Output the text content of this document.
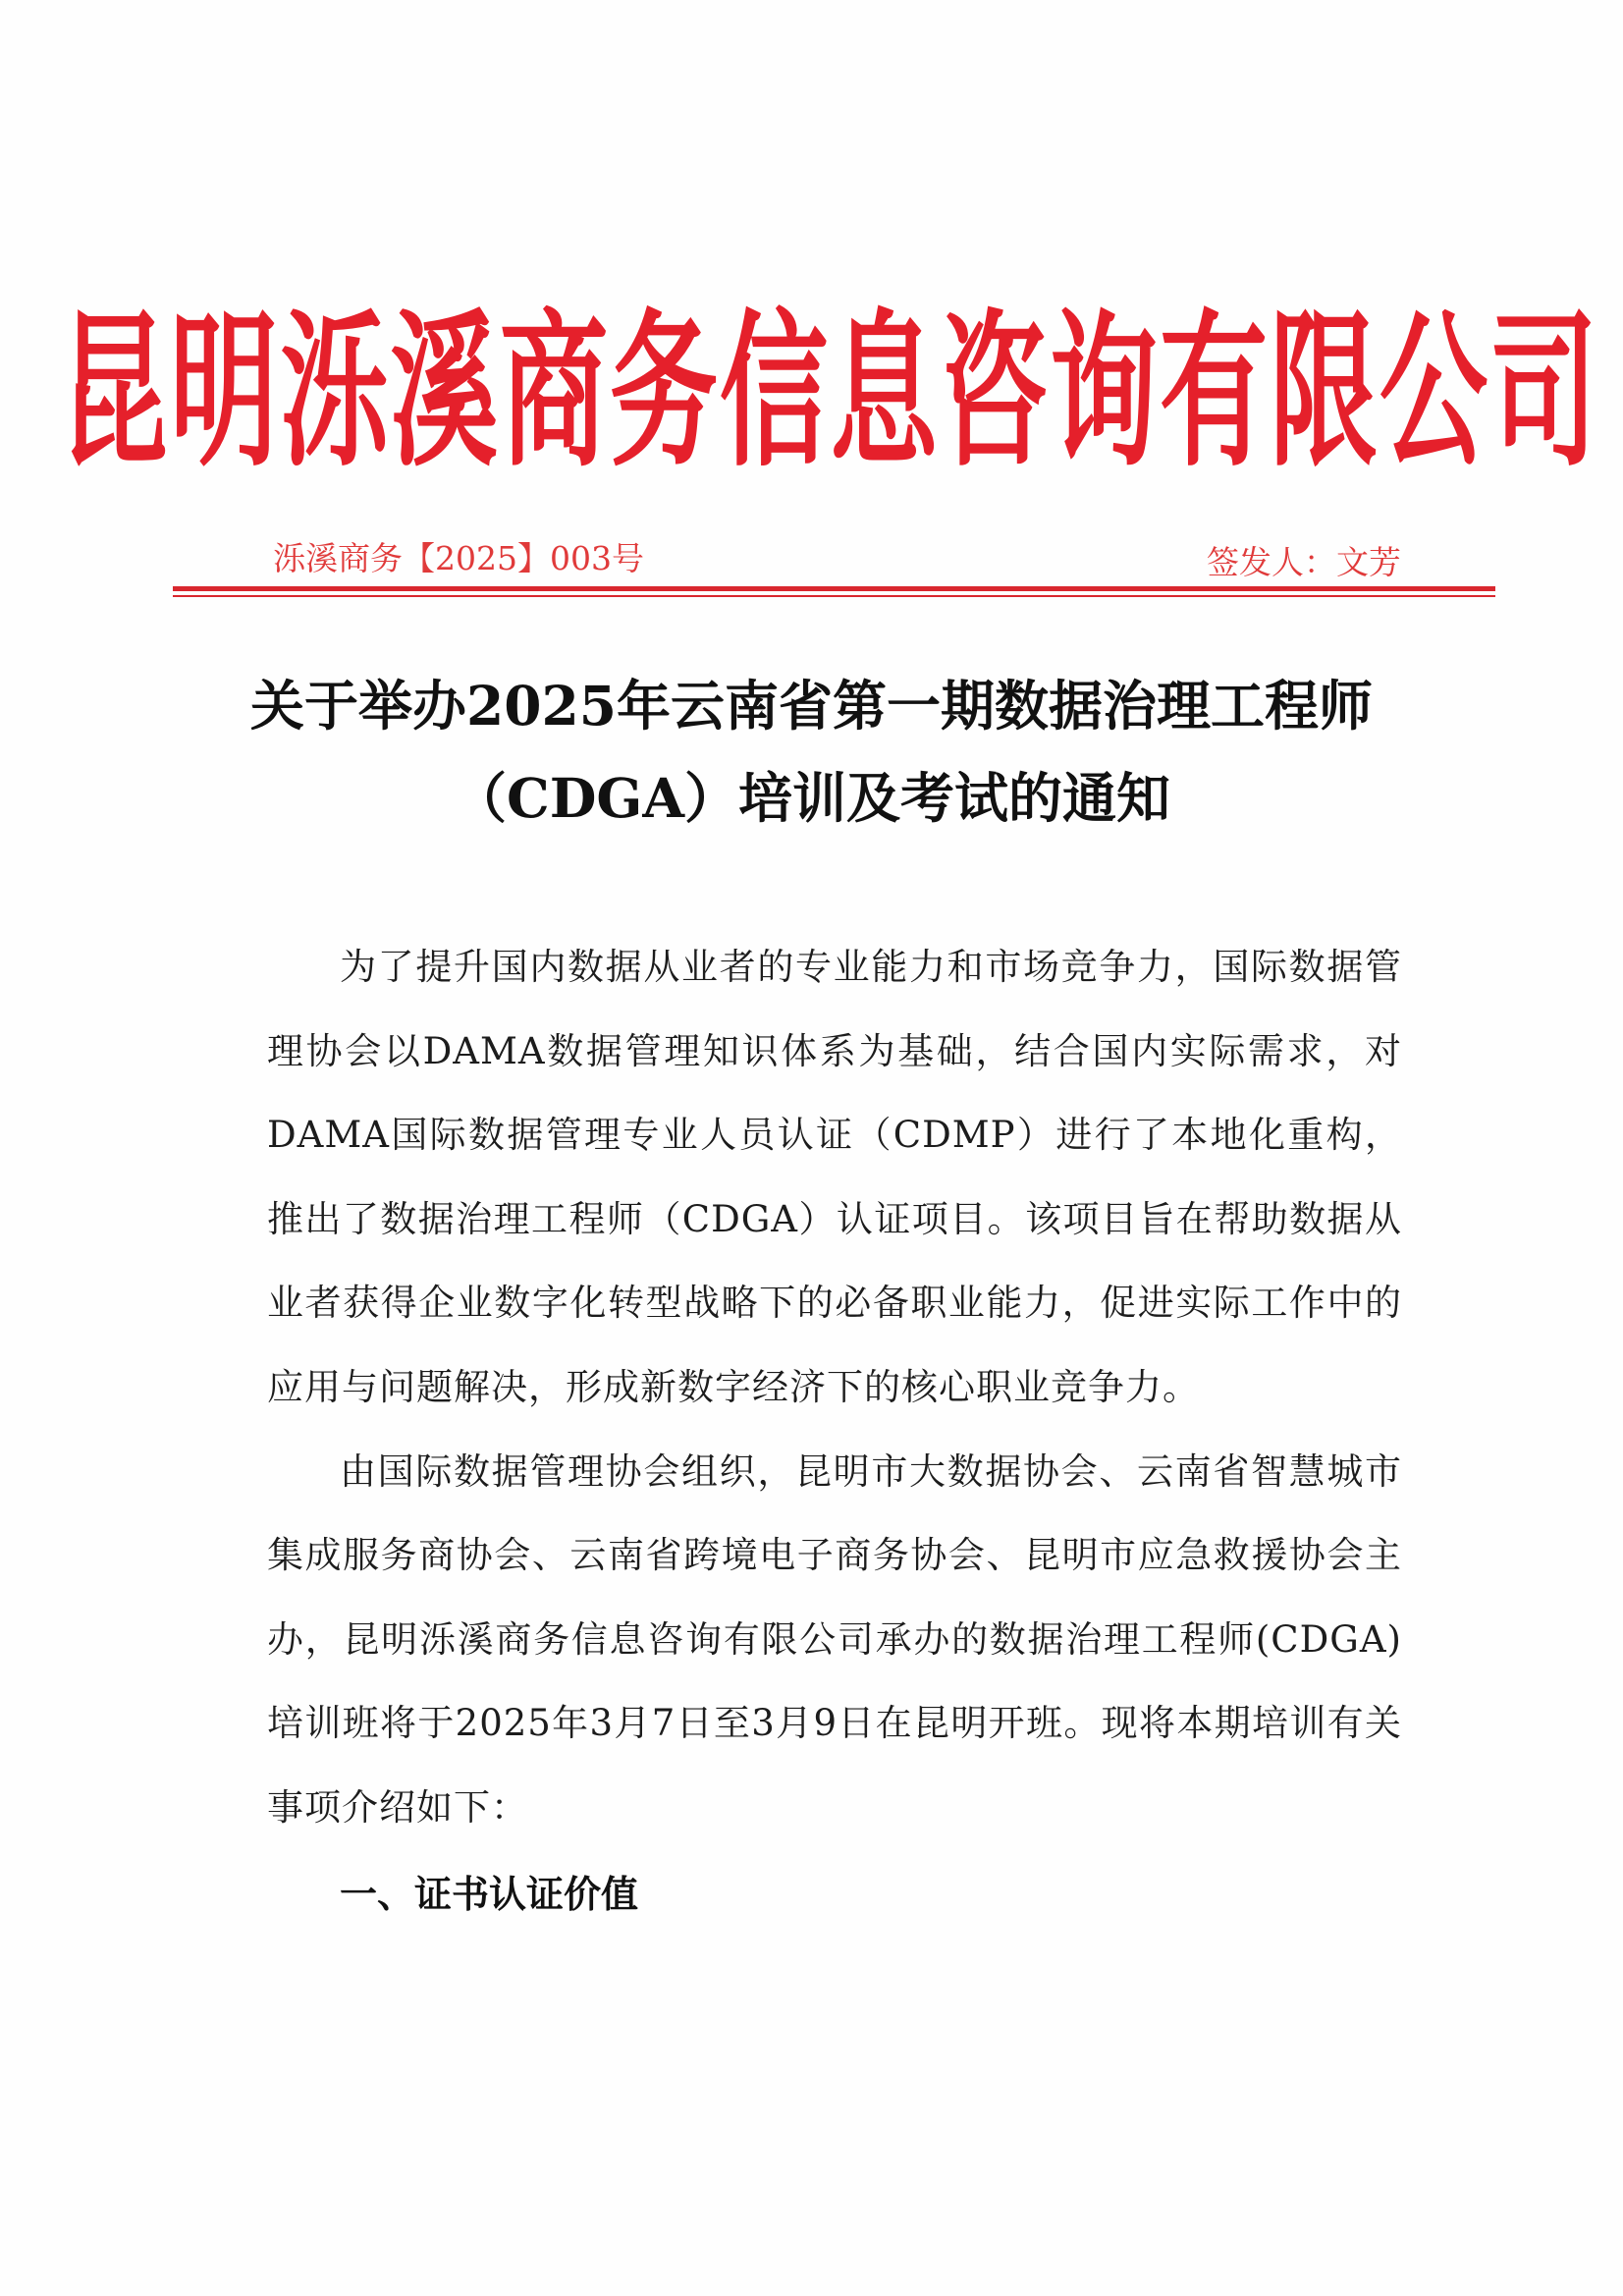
昆明泺溪商务信息咨询有限公司
泺溪商务【2025】003号	签发人：文芳
关于举办2025年云南省第一期数据治理工程师（CDGA）培训及考试的通知

为了提升国内数据从业者的专业能力和市场竞争力，国际数据管理协会以DAMA数据管理知识体系为基础，结合国内实际需求，对DAMA国际数据管理专业人员认证（CDMP）进行了本地化重构，推出了数据治理工程师（CDGA）认证项目。该项目旨在帮助数据从业者获得企业数字化转型战略下的必备职业能力，促进实际工作中的应用与问题解决，形成新数字经济下的核心职业竞争力。

由国际数据管理协会组织，昆明市大数据协会、云南省智慧城市集成服务商协会、云南省跨境电子商务协会、昆明市应急救援协会主办，昆明泺溪商务信息咨询有限公司承办的数据治理工程师(CDGA)培训班将于2025年3月7日至3月9日在昆明开班。现将本期培训有关事项介绍如下：

一、证书认证价值
